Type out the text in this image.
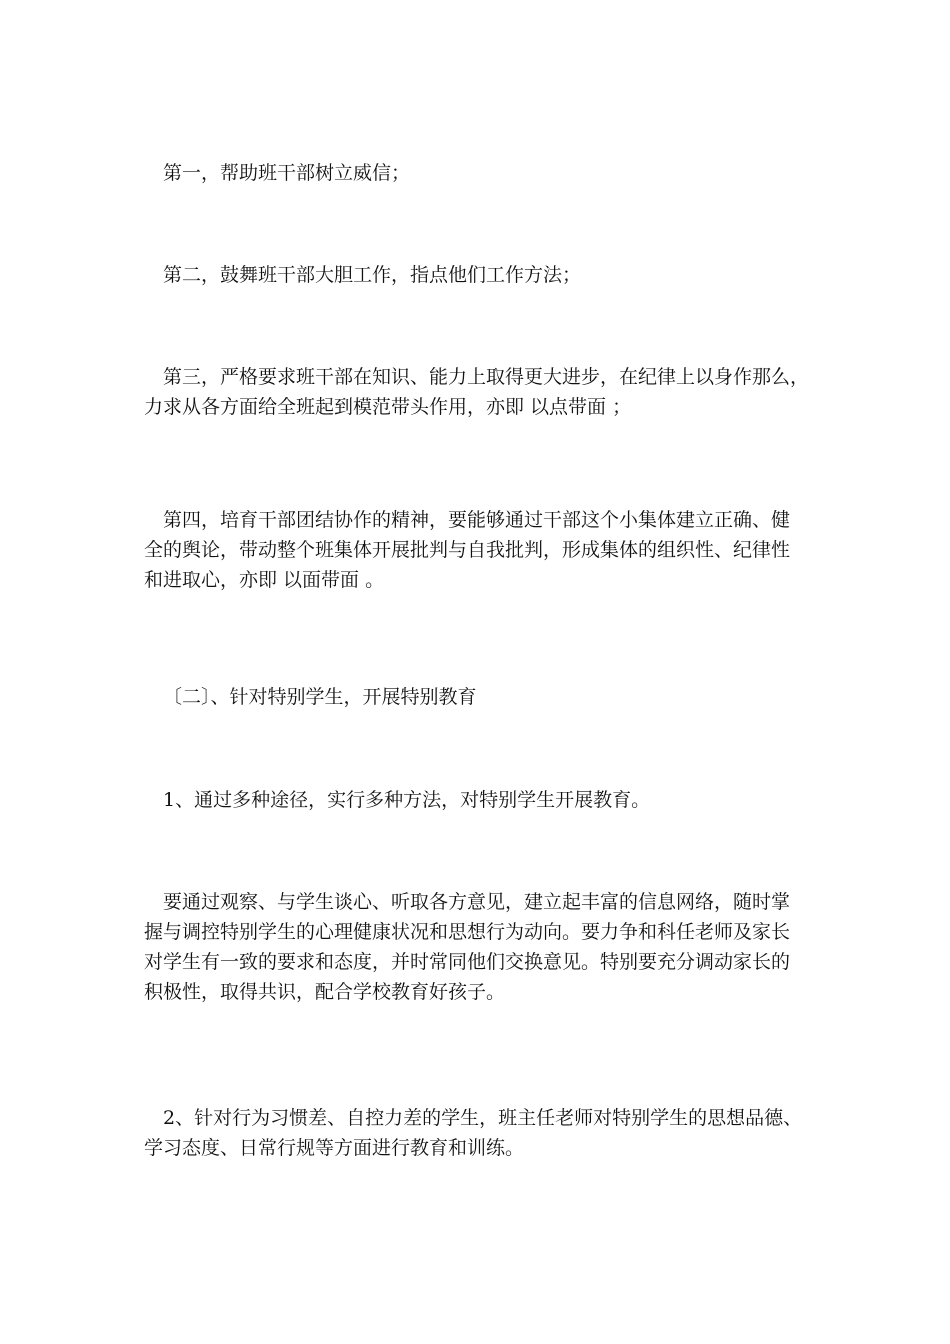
第一，帮助班干部树立威信；
第二，鼓舞班干部大胆工作，指点他们工作方法；
第三，严格要求班干部在知识、能力上取得更大进步，在纪律上以身作那么，
力求从各方面给全班起到模范带头作用，亦即 以点带面 ；
第四，培育干部团结协作的精神，要能够通过干部这个小集体建立正确、健
全的舆论，带动整个班集体开展批判与自我批判，形成集体的组织性、纪律性
和进取心，亦即 以面带面 。
〔二〕、针对特别学生，开展特别教育
1、通过多种途径，实行多种方法，对特别学生开展教育。
要通过观察、与学生谈心、听取各方意见，建立起丰富的信息网络，随时掌
握与调控特别学生的心理健康状况和思想行为动向。要力争和科任老师及家长
对学生有一致的要求和态度，并时常同他们交换意见。特别要充分调动家长的
积极性，取得共识，配合学校教育好孩子。
2、针对行为习惯差、自控力差的学生，班主任老师对特别学生的思想品德、
学习态度、日常行规等方面进行教育和训练。
